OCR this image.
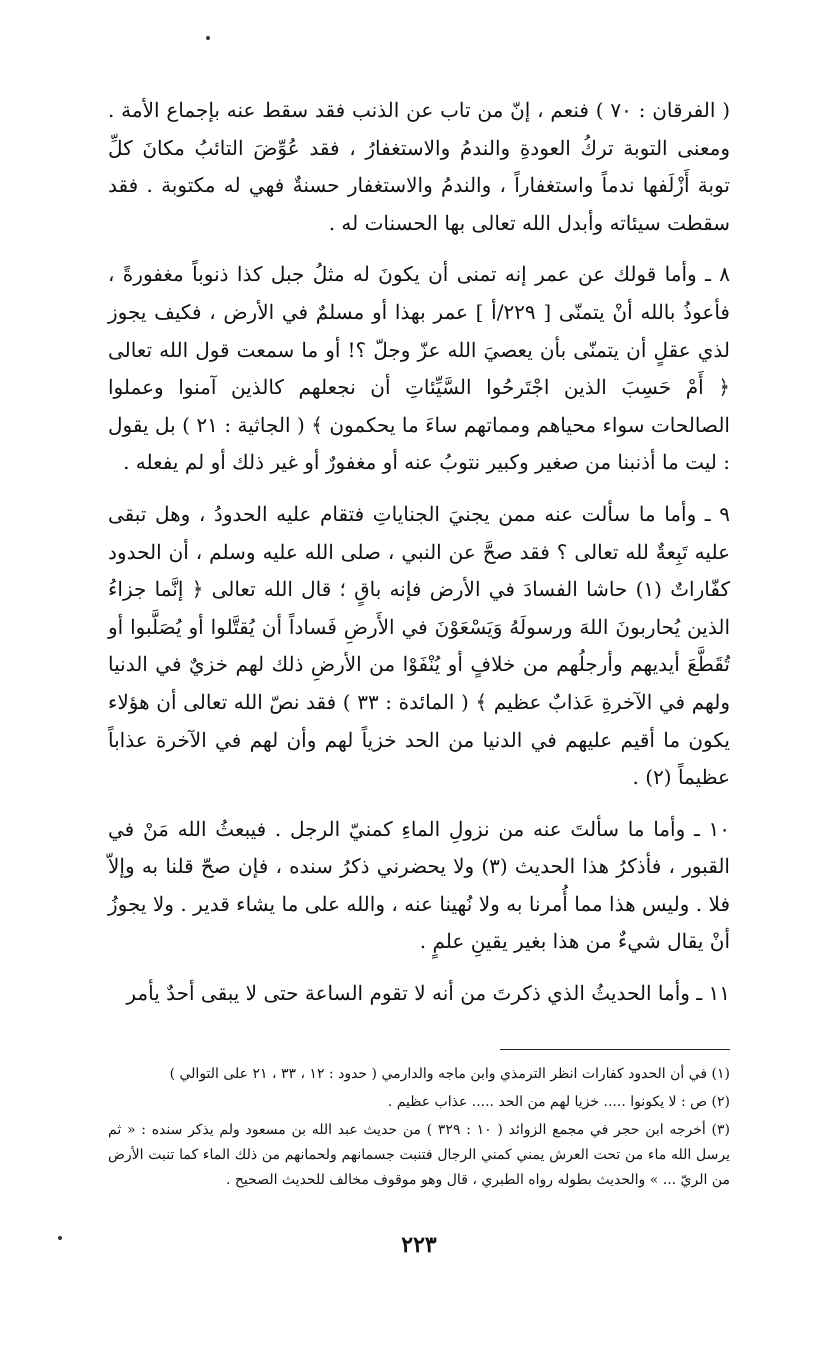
( الفرقان : ٧٠ ) فنعم ، إنّ من تاب عن الذنب فقد سقط عنه بإجماع الأمة . ومعنى التوبة تركُ العودةِ والندمُ والاستغفارُ ، فقد عُوِّضَ التائبُ مكانَ كلِّ توبة أَزْلَفها ندماً واستغفاراً ، والندمُ والاستغفار حسنةٌ فهي له مكتوبة . فقد سقطت سيئاته وأبدل الله تعالى بها الحسنات له .

٨ ـ وأما قولك عن عمر إنه تمنى أن يكونَ له مثلُ جبل كذا ذنوباً مغفورةً ، فأعوذُ بالله أنْ يتمنّى [ ٢٢٩/أ ] عمر بهذا أو مسلمٌ في الأرض ، فكيف يجوز لذي عقلٍ أن يتمنّى بأن يعصيَ الله عزّ وجلّ ؟! أو ما سمعت قول الله تعالى ﴿ أَمْ حَسِبَ الذين اجْتَرحُوا السَّيِّئاتِ أن نجعلهم كالذين آمنوا وعملوا الصالحات سواء محياهم ومماتهم ساءَ ما يحكمون ﴾ ( الجاثية : ٢١ ) بل يقول : ليت ما أذنبنا من صغير وكبير نتوبُ عنه أو مغفورٌ أو غير ذلك أو لم يفعله .

٩ ـ وأما ما سألت عنه ممن يجنيَ الجناياتِ فتقام عليه الحدودُ ، وهل تبقى عليه تَبِعةٌ لله تعالى ؟ فقد صحَّ عن النبي ، صلى الله عليه وسلم ، أن الحدود كفّاراتٌ (١) حاشا الفسادَ في الأرض فإنه باقٍ ؛ قال الله تعالى ﴿ إنَّما جزاءُ الذين يُحاربونَ اللهَ ورسولَهُ وَيَسْعَوْنَ في الأَرضِ فَساداً أن يُقتَّلوا أو يُصَلَّبوا أو تُقَطَّعَ أيديهم وأرجلُهم من خلافٍ أو يُنْفَوْا من الأرضِ ذلك لهم خزيٌ في الدنيا ولهم في الآخرةِ عَذابٌ عظيم ﴾ ( المائدة : ٣٣ ) فقد نصّ الله تعالى أن هؤلاء يكون ما أقيم عليهم في الدنيا من الحد خزياً لهم وأن لهم في الآخرة عذاباً عظيماً (٢) .

١٠ ـ وأما ما سألتَ عنه من نزولِ الماءِ كمنيّ الرجل . فيبعثُ الله مَنْ في القبور ، فأذكرُ هذا الحديث (٣) ولا يحضرني ذكرُ سنده ، فإن صحّ قلنا به وإلاّ فلا . وليس هذا مما أُمرنا به ولا نُهينا عنه ، والله على ما يشاء قدير . ولا يجوزُ أنْ يقال شيءٌ من هذا بغير يقينِ علمٍ .

١١ ـ وأما الحديثُ الذي ذكرتَ من أنه لا تقوم الساعة حتى لا يبقى أحدٌ يأمر

(١) في أن الحدود كفارات انظر الترمذي وابن ماجه والدارمي ( حدود : ١٢ ، ٣٣ ، ٢١ على التوالي )

(٢) ص : لا يكونوا ..... خزيا لهم من الحد ..... عذاب عظيم .

(٣) أخرجه ابن حجر في مجمع الزوائد ( ١٠ : ٣٢٩ ) من حديث عبد الله بن مسعود ولم يذكر سنده : « ثم يرسل الله ماء من تحت العرش يمني كمني الرجال فتنبت جسمانهم ولحمانهم من ذلك الماء كما تنبت الأرض من الريّ ... » والحديث بطوله رواه الطبري ، قال وهو موقوف مخالف للحديث الصحيح .

٢٢٣
